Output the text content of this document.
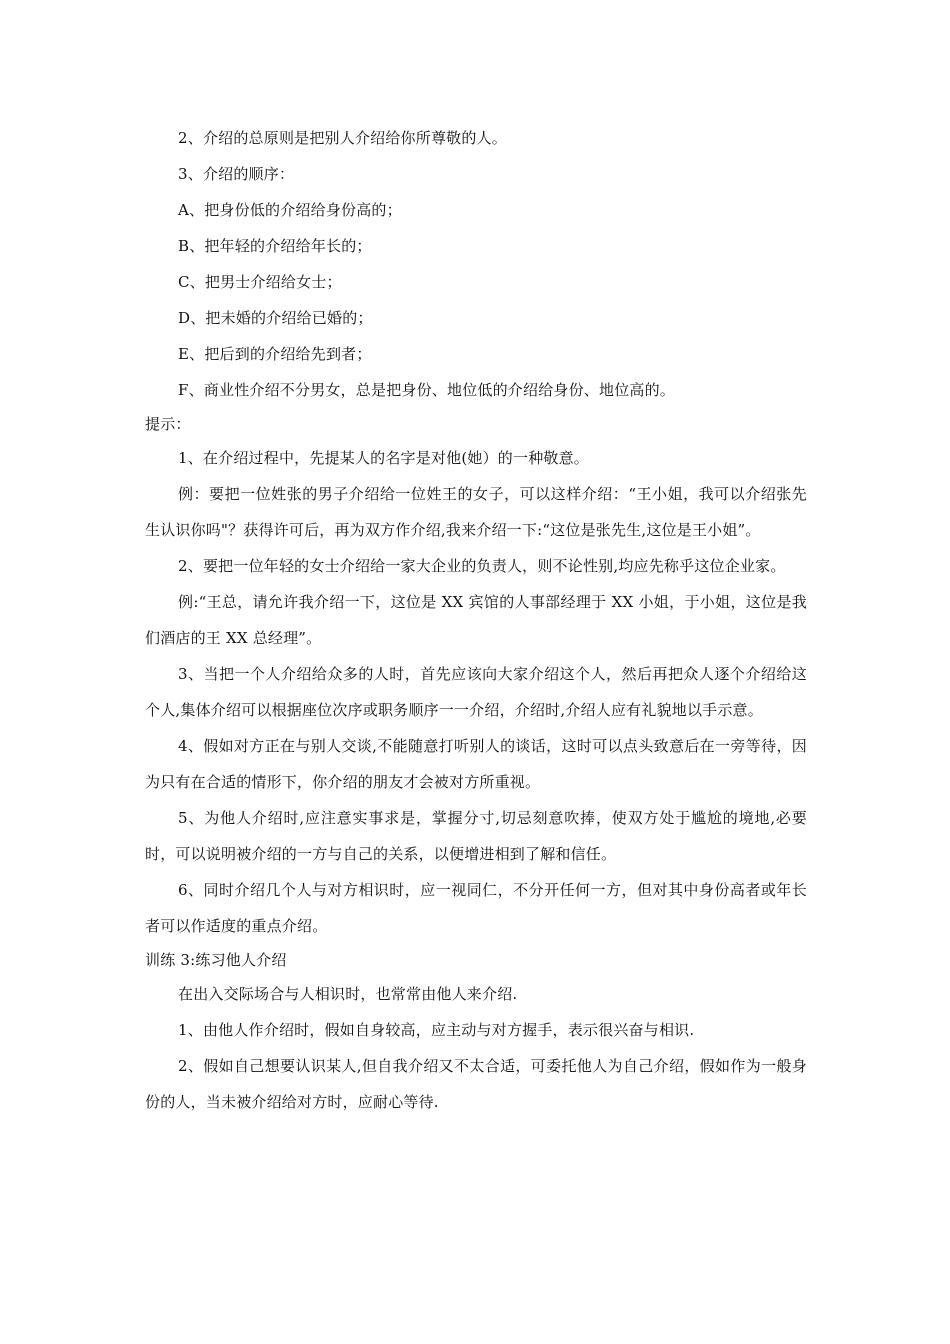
2、介绍的总原则是把别人介绍给你所尊敬的人。

3、介绍的顺序：

A、把身份低的介绍给身份高的；

B、把年轻的介绍给年长的；

C、把男士介绍给女士；

D、把未婚的介绍给已婚的；

E、把后到的介绍给先到者；

F、商业性介绍不分男女，总是把身份、地位低的介绍给身份、地位高的。

提示：

1、在介绍过程中，先提某人的名字是对他(她）的一种敬意。

例：要把一位姓张的男子介绍给一位姓王的女子，可以这样介绍：“王小姐，我可以介绍张先生认识你吗"？获得许可后，再为双方作介绍,我来介绍一下:“这位是张先生,这位是王小姐”。

2、要把一位年轻的女士介绍给一家大企业的负责人，则不论性别,均应先称乎这位企业家。

例:“王总，请允许我介绍一下，这位是 XX 宾馆的人事部经理于 XX 小姐，于小姐，这位是我们酒店的王 XX 总经理”。

3、当把一个人介绍给众多的人时，首先应该向大家介绍这个人，然后再把众人逐个介绍给这个人,集体介绍可以根据座位次序或职务顺序一一介绍，介绍时,介绍人应有礼貌地以手示意。

4、假如对方正在与别人交谈,不能随意打听别人的谈话，这时可以点头致意后在一旁等待，因为只有在合适的情形下，你介绍的朋友才会被对方所重视。

5、为他人介绍时,应注意实事求是，掌握分寸,切忌刻意吹捧，使双方处于尴尬的境地,必要时，可以说明被介绍的一方与自己的关系，以便增进相到了解和信任。

6、同时介绍几个人与对方相识时，应一视同仁，不分开任何一方，但对其中身份高者或年长者可以作适度的重点介绍。

训练 3:练习他人介绍

在出入交际场合与人相识时，也常常由他人来介绍.

1、由他人作介绍时，假如自身较高，应主动与对方握手，表示很兴奋与相识.

2、假如自己想要认识某人,但自我介绍又不太合适，可委托他人为自己介绍，假如作为一般身份的人，当未被介绍给对方时，应耐心等待.
